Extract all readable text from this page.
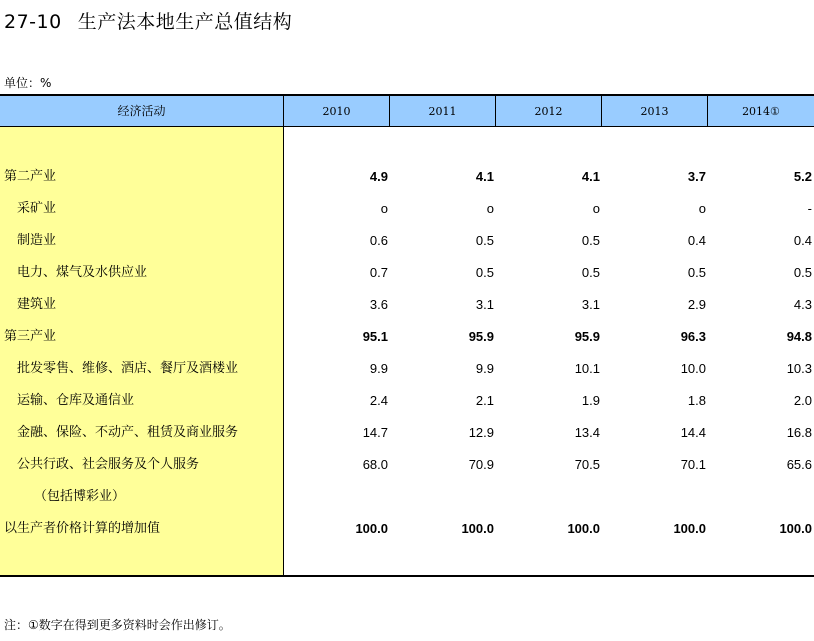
27-10 生产法本地生产总值结构
单位：%
经济活动	2010	2011	2012	2013	2014①
第二产业	4.9	4.1	4.1	3.7	5.2
采矿业	o	o	o	o	-
制造业	0.6	0.5	0.5	0.4	0.4
电力、煤气及水供应业	0.7	0.5	0.5	0.5	0.5
建筑业	3.6	3.1	3.1	2.9	4.3
第三产业	95.1	95.9	95.9	96.3	94.8
批发零售、维修、酒店、餐厅及酒楼业	9.9	9.9	10.1	10.0	10.3
运输、仓库及通信业	2.4	2.1	1.9	1.8	2.0
金融、保险、不动产、租赁及商业服务	14.7	12.9	13.4	14.4	16.8
公共行政、社会服务及个人服务	68.0	70.9	70.5	70.1	65.6
（包括博彩业）
以生产者价格计算的增加值	100.0	100.0	100.0	100.0	100.0
注：①数字在得到更多资料时会作出修订。
